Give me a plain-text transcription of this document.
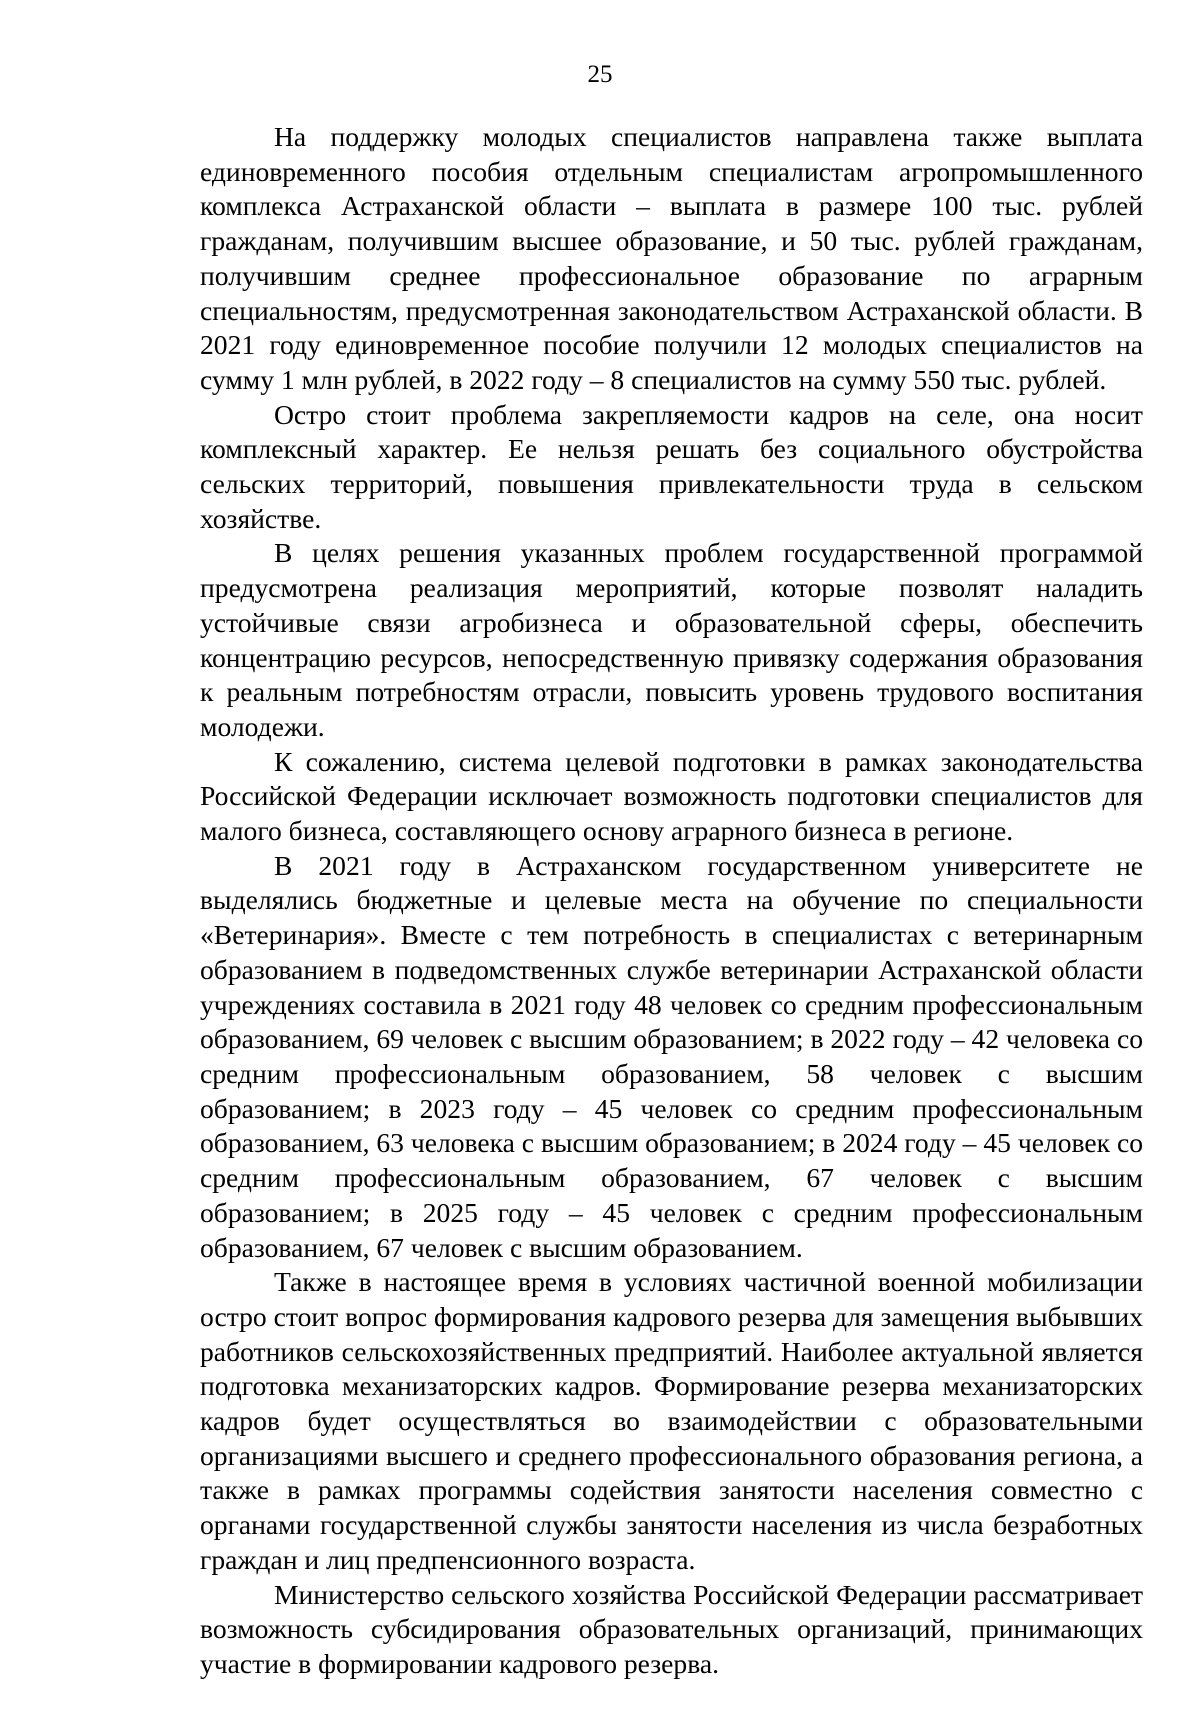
25

На поддержку молодых специалистов направлена также выплата единовременного пособия отдельным специалистам агропромышленного комплекса Астраханской области – выплата в размере 100 тыс. рублей гражданам, получившим высшее образование, и 50 тыс. рублей гражданам, получившим среднее профессиональное образование по аграрным специальностям, предусмотренная законодательством Астраханской области. В 2021 году единовременное пособие получили 12 молодых специалистов на сумму 1 млн рублей, в 2022 году – 8 специалистов на сумму 550 тыс. рублей.

Остро стоит проблема закрепляемости кадров на селе, она носит комплексный характер. Ее нельзя решать без социального обустройства сельских территорий, повышения привлекательности труда в сельском хозяйстве.

В целях решения указанных проблем государственной программой предусмотрена реализация мероприятий, которые позволят наладить устойчивые связи агробизнеса и образовательной сферы, обеспечить концентрацию ресурсов, непосредственную привязку содержания образования к реальным потребностям отрасли, повысить уровень трудового воспитания молодежи.

К сожалению, система целевой подготовки в рамках законодательства Российской Федерации исключает возможность подготовки специалистов для малого бизнеса, составляющего основу аграрного бизнеса в регионе.

В 2021 году в Астраханском государственном университете не выделялись бюджетные и целевые места на обучение по специальности «Ветеринария». Вместе с тем потребность в специалистах с ветеринарным образованием в подведомственных службе ветеринарии Астраханской области учреждениях составила в 2021 году 48 человек со средним профессиональным образованием, 69 человек с высшим образованием; в 2022 году – 42 человека со средним профессиональным образованием, 58 человек с высшим образованием; в 2023 году – 45 человек со средним профессиональным образованием, 63 человека с высшим образованием; в 2024 году – 45 человек со средним профессиональным образованием, 67 человек с высшим образованием; в 2025 году – 45 человек с средним профессиональным образованием, 67 человек с высшим образованием.

Также в настоящее время в условиях частичной военной мобилизации остро стоит вопрос формирования кадрового резерва для замещения выбывших работников сельскохозяйственных предприятий. Наиболее актуальной является подготовка механизаторских кадров. Формирование резерва механизаторских кадров будет осуществляться во взаимодействии с образовательными организациями высшего и среднего профессионального образования региона, а также в рамках программы содействия занятости населения совместно с органами государственной службы занятости населения из числа безработных граждан и лиц предпенсионного возраста.

Министерство сельского хозяйства Российской Федерации рассматривает возможность субсидирования образовательных организаций, принимающих участие в формировании кадрового резерва.
